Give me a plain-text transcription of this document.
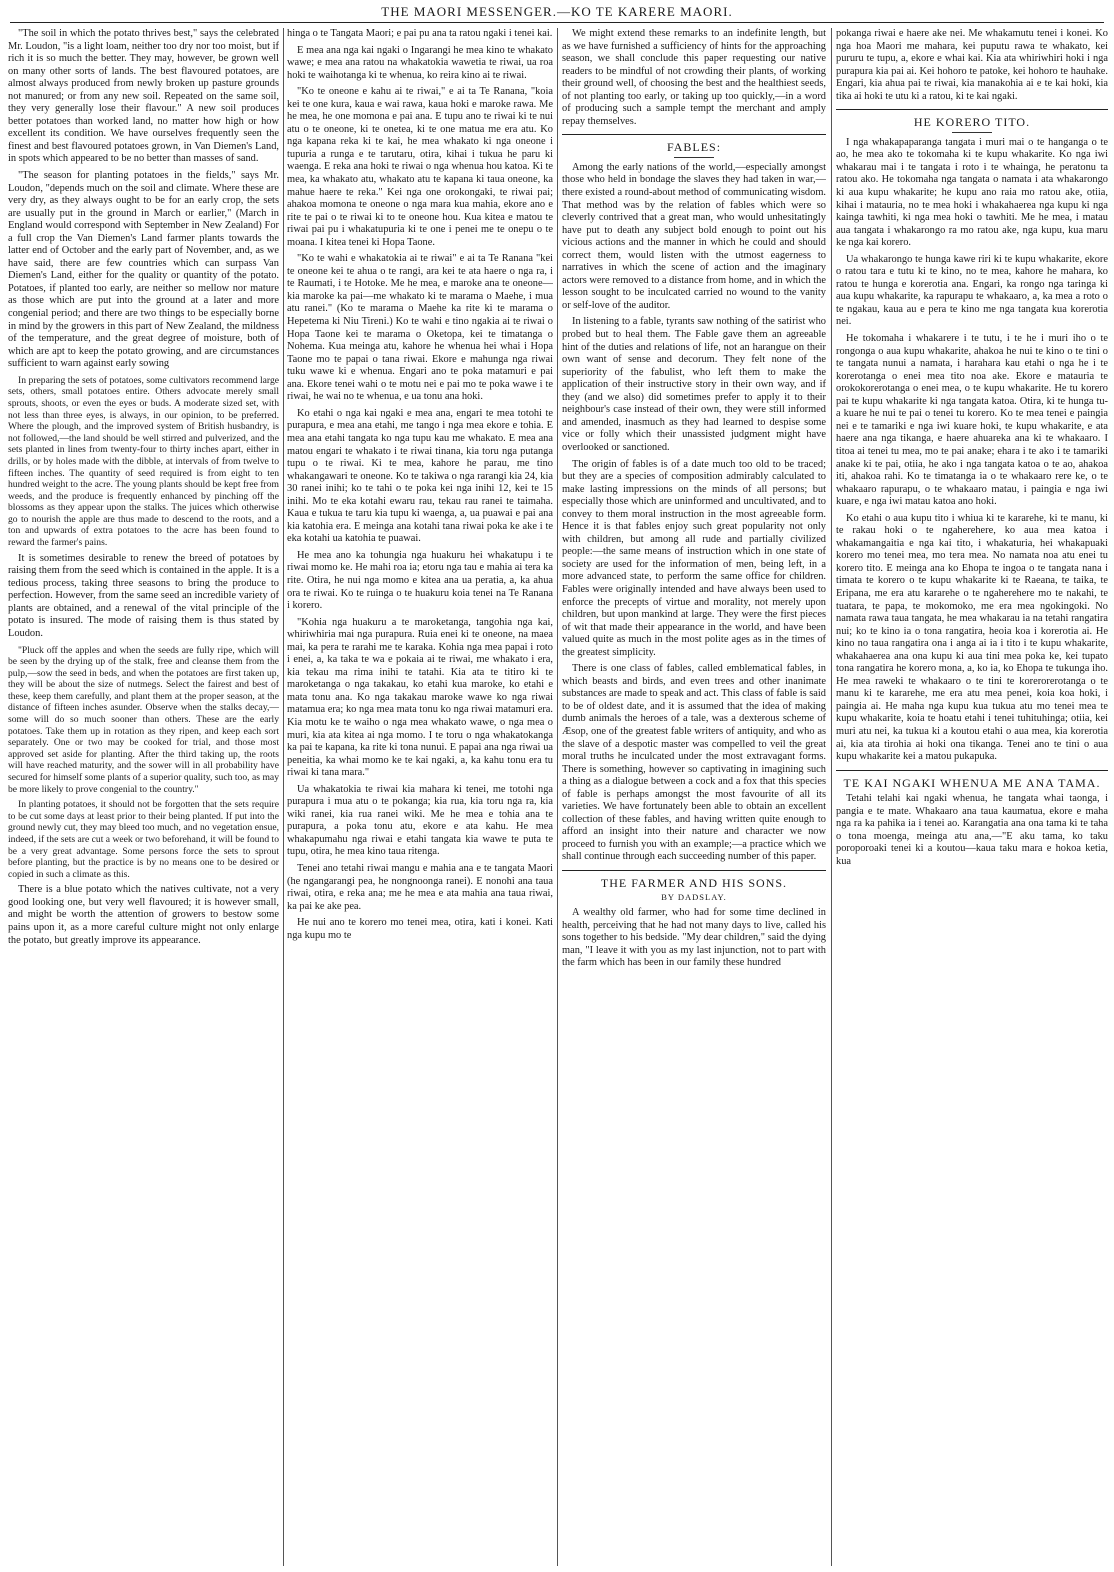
THE MAORI MESSENGER.—KO TE KARERE MAORI.

"The soil in which the potato thrives best," says the celebrated Mr. Loudon, "is a light loam, neither too dry nor too moist, but if rich it is so much the better. They may, however, be grown well on many other sorts of lands. The best flavoured potatoes, are almost always produced from newly broken up pasture grounds not manured; or from any new soil. Repeated on the same soil, they very generally lose their flavour." A new soil produces better potatoes than worked land, no matter how high or how excellent its condition. We have ourselves frequently seen the finest and best flavoured potatoes grown, in Van Diemen's Land, in spots which appeared to be no better than masses of sand.

"The season for planting potatoes in the fields," says Mr. Loudon, "depends much on the soil and climate. Where these are very dry, as they always ought to be for an early crop, the sets are usually put in the ground in March or earlier," (March in England would correspond with September in New Zealand) For a full crop the Van Diemen's Land farmer plants towards the latter end of October and the early part of November, and, as we have said, there are few countries which can surpass Van Diemen's Land, either for the quality or quantity of the potato. Potatoes, if planted too early, are neither so mellow nor mature as those which are put into the ground at a later and more congenial period; and there are two things to be especially borne in mind by the growers in this part of New Zealand, the mildness of the temperature, and the great degree of moisture, both of which are apt to keep the potato growing, and are circumstances sufficient to warn against early sowing

In preparing the sets of potatoes, some cultivators recommend large sets, others, small potatoes entire. Others advocate merely small sprouts, shoots, or even the eyes or buds. A moderate sized set, with not less than three eyes, is always, in our opinion, to be preferred. Where the plough, and the improved system of British husbandry, is not followed,—the land should be well stirred and pulverized, and the sets planted in lines from twenty-four to thirty inches apart, either in drills, or by holes made with the dibble, at intervals of from twelve to fifteen inches. The quantity of seed required is from eight to ten hundred weight to the acre. The young plants should be kept free from weeds, and the produce is frequently enhanced by pinching off the blossoms as they appear upon the stalks. The juices which otherwise go to nourish the apple are thus made to descend to the roots, and a ton and upwards of extra potatoes to the acre has been found to reward the farmer's pains.

It is sometimes desirable to renew the breed of potatoes by raising them from the seed which is contained in the apple. It is a tedious process, taking three seasons to bring the produce to perfection. However, from the same seed an incredible variety of plants are obtained, and a renewal of the vital principle of the potato is insured. The mode of raising them is thus stated by Loudon.

"Pluck off the apples and when the seeds are fully ripe, which will be seen by the drying up of the stalk, free and cleanse them from the pulp,—sow the seed in beds, and when the potatoes are first taken up, they will be about the size of nutmegs. Select the fairest and best of these, keep them carefully, and plant them at the proper season, at the distance of fifteen inches asunder. Observe when the stalks decay,—some will do so much sooner than others. These are the early potatoes. Take them up in rotation as they ripen, and keep each sort separately. One or two may be cooked for trial, and those most approved set aside for planting. After the third taking up, the roots will have reached maturity, and the sower will in all probability have secured for himself some plants of a superior quality, such too, as may be more likely to prove congenial to the country."

In planting potatoes, it should not be forgotten that the sets require to be cut some days at least prior to their being planted. If put into the ground newly cut, they may bleed too much, and no vegetation ensue, indeed, if the sets are cut a week or two beforehand, it will be found to be a very great advantage. Some persons force the sets to sprout before planting, but the practice is by no means one to be desired or copied in such a climate as this.

There is a blue potato which the natives cultivate, not a very good looking one, but very well flavoured; it is however small, and might be worth the attention of growers to bestow some pains upon it, as a more careful culture might not only enlarge the potato, but greatly improve its appearance.

hinga o te Tangata Maori; e pai pu ana ta ratou ngaki i tenei kai.

E mea ana nga kai ngaki o Ingarangi he mea kino te whakato wawe; e mea ana ratou na whakatokia wawetia te riwai, ua roa hoki te waihotanga ki te whenua, ko reira kino ai te riwai.

"Ko te oneone e kahu ai te riwai," e ai ta Te Ranana, "koia kei te one kura, kaua e wai rawa, kaua hoki e maroke rawa. Me he mea, he one momona e pai ana. E tupu ano te riwai ki te nui atu o te oneone, ki te onetea, ki te one matua me era atu. Ko nga kapana reka ki te kai, he mea whakato ki nga oneone i tupuria a runga e te tarutaru, otira, kihai i tukua he paru ki waenga. E reka ana hoki te riwai o nga whenua hou katoa. Ki te mea, ka whakato atu, whakato atu te kapana ki taua oneone, ka mahue haere te reka." Kei nga one orokongaki, te riwai pai; ahakoa momona te oneone o nga mara kua mahia, ekore ano e rite te pai o te riwai ki to te oneone hou. Kua kitea e matou te riwai pai pu i whakatupuria ki te one i penei me te onepu o te moana. I kitea tenei ki Hopa Taone.

"Ko te wahi e whakatokia ai te riwai" e ai ta Te Ranana "kei te oneone kei te ahua o te rangi, ara kei te ata haere o nga ra, i te Raumati, i te Hotoke. Me he mea, e maroke ana te oneone—kia maroke ka pai—me whakato ki te marama o Maehe, i mua atu ranei." (Ko te marama o Maehe ka rite ki te marama o Hepetema ki Niu Tireni.) Ko te wahi e tino ngakia ai te riwai o Hopa Taone kei te marama o Oketopa, kei te timatanga o Nohema. Kua meinga atu, kahore he whenua hei whai i Hopa Taone mo te papai o tana riwai. Ekore e mahunga nga riwai tuku wawe ki e whenua. Engari ano te poka matamuri e pai ana. Ekore tenei wahi o te motu nei e pai mo te poka wawe i te riwai, he wai no te whenua, e ua tonu ana hoki.

Ko etahi o nga kai ngaki e mea ana, engari te mea totohi te purapura, e mea ana etahi, me tango i nga mea ekore e tohia. E mea ana etahi tangata ko nga tupu kau me whakato. E mea ana matou engari te whakato i te riwai tinana, kia toru nga putanga tupu o te riwai. Ki te mea, kahore he parau, me tino whakangawari te oneone. Ko te takiwa o nga rarangi kia 24, kia 30 ranei inihi; ko te tahi o te poka kei nga inihi 12, kei te 15 inihi. Mo te eka kotahi ewaru rau, tekau rau ranei te taimaha. Kaua e tukua te taru kia tupu ki waenga, a, ua puawai e pai ana kia katohia era. E meinga ana kotahi tana riwai poka ke ake i te eka kotahi ua katohia te puawai.

He mea ano ka tohungia nga huakuru hei whakatupu i te riwai momo ke. He mahi roa ia; etoru nga tau e mahia ai tera ka rite. Otira, he nui nga momo e kitea ana ua peratia, a, ka ahua ora te riwai. Ko te ruinga o te huakuru koia tenei na Te Ranana i korero.

"Kohia nga huakuru a te maroketanga, tangohia nga kai, whiriwhiria mai nga purapura. Ruia enei ki te oneone, na maea mai, ka pera te rarahi me te karaka. Kohia nga mea papai i roto i enei, a, ka taka te wa e pokaia ai te riwai, me whakato i era, kia tekau ma rima inihi te tatahi. Kia ata te titiro ki te maroketanga o nga takakau, ko etahi kua maroke, ko etahi e mata tonu ana. Ko nga takakau maroke wawe ko nga riwai matamua era; ko nga mea mata tonu ko nga riwai matamuri era. Kia motu ke te waiho o nga mea whakato wawe, o nga mea o muri, kia ata kitea ai nga momo. I te toru o nga whakatokanga ka pai te kapana, ka rite ki tona nunui. E papai ana nga riwai ua peneitia, ka whai momo ke te kai ngaki, a, ka kahu tonu era tu riwai ki tana mara."

Ua whakatokia te riwai kia mahara ki tenei, me totohi nga purapura i mua atu o te pokanga; kia rua, kia toru nga ra, kia wiki ranei, kia rua ranei wiki. Me he mea e tohia ana te purapura, a poka tonu atu, ekore e ata kahu. He mea whakapumahu nga riwai e etahi tangata kia wawe te puta te tupu, otira, he mea kino taua ritenga.

Tenei ano tetahi riwai mangu e mahia ana e te tangata Maori (he ngangarangi pea, he nongnoonga ranei). E nonohi ana taua riwai, otira, e reka ana; me he mea e ata mahia ana taua riwai, ka pai ke ake pea.

He nui ano te korero mo tenei mea, otira, kati i konei. Kati nga kupu mo te

We might extend these remarks to an indefinite length, but as we have furnished a sufficiency of hints for the approaching season, we shall conclude this paper requesting our native readers to be mindful of not crowding their plants, of working their ground well, of choosing the best and the healthiest seeds, of not planting too early, or taking up too quickly,—in a word of producing such a sample tempt the merchant and amply repay themselves.

FABLES:

Among the early nations of the world,—especially amongst those who held in bondage the slaves they had taken in war,—there existed a round-about method of communicating wisdom. That method was by the relation of fables which were so cleverly contrived that a great man, who would unhesitatingly have put to death any subject bold enough to point out his vicious actions and the manner in which he could and should correct them, would listen with the utmost eagerness to narratives in which the scene of action and the imaginary actors were removed to a distance from home, and in which the lesson sought to be inculcated carried no wound to the vanity or self-love of the auditor.

In listening to a fable, tyrants saw nothing of the satirist who probed but to heal them. The Fable gave them an agreeable hint of the duties and relations of life, not an harangue on their own want of sense and decorum. They felt none of the superiority of the fabulist, who left them to make the application of their instructive story in their own way, and if they (and we also) did sometimes prefer to apply it to their neighbour's case instead of their own, they were still informed and amended, inasmuch as they had learned to despise some vice or folly which their unassisted judgment might have overlooked or sanctioned.

The origin of fables is of a date much too old to be traced; but they are a species of composition admirably calculated to make lasting impressions on the minds of all persons; but especially those which are uninformed and uncultivated, and to convey to them moral instruction in the most agreeable form. Hence it is that fables enjoy such great popularity not only with children, but among all rude and partially civilized people:—the same means of instruction which in one state of society are used for the information of men, being left, in a more advanced state, to perform the same office for children. Fables were originally intended and have always been used to enforce the precepts of virtue and morality, not merely upon children, but upon mankind at large. They were the first pieces of wit that made their appearance in the world, and have been valued quite as much in the most polite ages as in the times of the greatest simplicity.

There is one class of fables, called emblematical fables, in which beasts and birds, and even trees and other inanimate substances are made to speak and act. This class of fable is said to be of oldest date, and it is assumed that the idea of making dumb animals the heroes of a tale, was a dexterous scheme of Æsop, one of the greatest fable writers of antiquity, and who as the slave of a despotic master was compelled to veil the great moral truths he inculcated under the most extravagant forms. There is something, however so captivating in imagining such a thing as a dialogue between a cock and a fox that this species of fable is perhaps amongst the most favourite of all its varieties. We have fortunately been able to obtain an excellent collection of these fables, and having written quite enough to afford an insight into their nature and character we now proceed to furnish you with an example;—a practice which we shall continue through each succeeding number of this paper.

THE FARMER AND HIS SONS.
BY DADSLAY.

A wealthy old farmer, who had for some time declined in health, perceiving that he had not many days to live, called his sons together to his bedside. "My dear children," said the dying man, "I leave it with you as my last injunction, not to part with the farm which has been in our family these hundred

pokanga riwai e haere ake nei. Me whakamutu tenei i konei. Ko nga hoa Maori me mahara, kei puputu rawa te whakato, kei pururu te tupu, a, ekore e whai kai. Kia ata whiriwhiri hoki i nga purapura kia pai ai. Kei hohoro te patoke, kei hohoro te hauhake. Engari, kia ahua pai te riwai, kia manakohia ai e te kai hoki, kia tika ai hoki te utu ki a ratou, ki te kai ngaki.

HE KORERO TITO.

I nga whakapaparanga tangata i muri mai o te hanganga o te ao, he mea ako te tokomaha ki te kupu whakarite. Ko nga iwi whakarau mai i te tangata i roto i te whainga, he peratonu ta ratou ako. He tokomaha nga tangata o namata i ata whakarongo ki aua kupu whakarite; he kupu ano raia mo ratou ake, otiia, kihai i matauria, no te mea hoki i whakahaerea nga kupu ki nga kainga tawhiti, ki nga mea hoki o tawhiti. Me he mea, i matau aua tangata i whakarongo ra mo ratou ake, nga kupu, kua maru ke nga kai korero.

Ua whakarongo te hunga kawe riri ki te kupu whakarite, ekore o ratou tara e tutu ki te kino, no te mea, kahore he mahara, ko ratou te hunga e korerotia ana. Engari, ka rongo nga taringa ki aua kupu whakarite, ka rapurapu te whakaaro, a, ka mea a roto o te ngakau, kaua au e pera te kino me nga tangata kua korerotia nei.

He tokomaha i whakarere i te tutu, i te he i muri iho o te rongonga o aua kupu whakarite, ahakoa he nui te kino o te tini o te tangata nunui a namata, i harahara kau etahi o nga he i te korerotanga o enei mea tito noa ake. Ekore e matauria te orokokorerotanga o enei mea, o te kupu whakarite. He tu korero pai te kupu whakarite ki nga tangata katoa. Otira, ki te hunga tu-a kuare he nui te pai o tenei tu korero. Ko te mea tenei e paingia nei e te tamariki e nga iwi kuare hoki, te kupu whakarite, e ata haere ana nga tikanga, e haere ahuareka ana ki te whakaaro. I titoa ai tenei tu mea, mo te pai anake; ehara i te ako i te tamariki anake ki te pai, otiia, he ako i nga tangata katoa o te ao, ahakoa iti, ahakoa rahi. Ko te timatanga ia o te whakaaro rere ke, o te whakaaro rapurapu, o te whakaaro matau, i paingia e nga iwi kuare, e nga iwi matau katoa ano hoki.

Ko etahi o aua kupu tito i whiua ki te kararehe, ki te manu, ki te rakau hoki o te ngaherehere, ko aua mea katoa i whakamangaitia e nga kai tito, i whakaturia, hei whakapuaki korero mo tenei mea, mo tera mea. No namata noa atu enei tu korero tito. E meinga ana ko Ehopa te ingoa o te tangata nana i timata te korero o te kupu whakarite ki te Raeana, te taika, te Eripana, me era atu kararehe o te ngaherehere mo te nakahi, te tuatara, te papa, te mokomoko, me era mea ngokingoki. No namata rawa taua tangata, he mea whakarau ia na tetahi rangatira nui; ko te kino ia o tona rangatira, heoia koa i korerotia ai. He kino no taua rangatira ona i anga ai ia i tito i te kupu whakarite, whakahaerea ana ona kupu ki aua tini mea poka ke, kei tupato tona rangatira he korero mona, a, ko ia, ko Ehopa te tukunga iho. He mea raweki te whakaaro o te tini te korerorerotanga o te manu ki te kararehe, me era atu mea penei, koia koa hoki, i paingia ai. He maha nga kupu kua tukua atu mo tenei mea te kupu whakarite, koia te hoatu etahi i tenei tuhituhinga; otiia, kei muri atu nei, ka tukua ki a koutou etahi o aua mea, kia korerotia ai, kia ata tirohia ai hoki ona tikanga. Tenei ano te tini o aua kupu whakarite kei a matou pukapuka.

TE KAI NGAKI WHENUA ME ANA TAMA.

Tetahi telahi kai ngaki whenua, he tangata whai taonga, i pangia e te mate. Whakaaro ana taua kaumatua, ekore e maha nga ra ka pahika ia i tenei ao. Karangatia ana ona tama ki te taha o tona moenga, meinga atu ana,—"E aku tama, ko taku poroporoaki tenei ki a koutou—kaua taku mara e hokoa ketia, kua
